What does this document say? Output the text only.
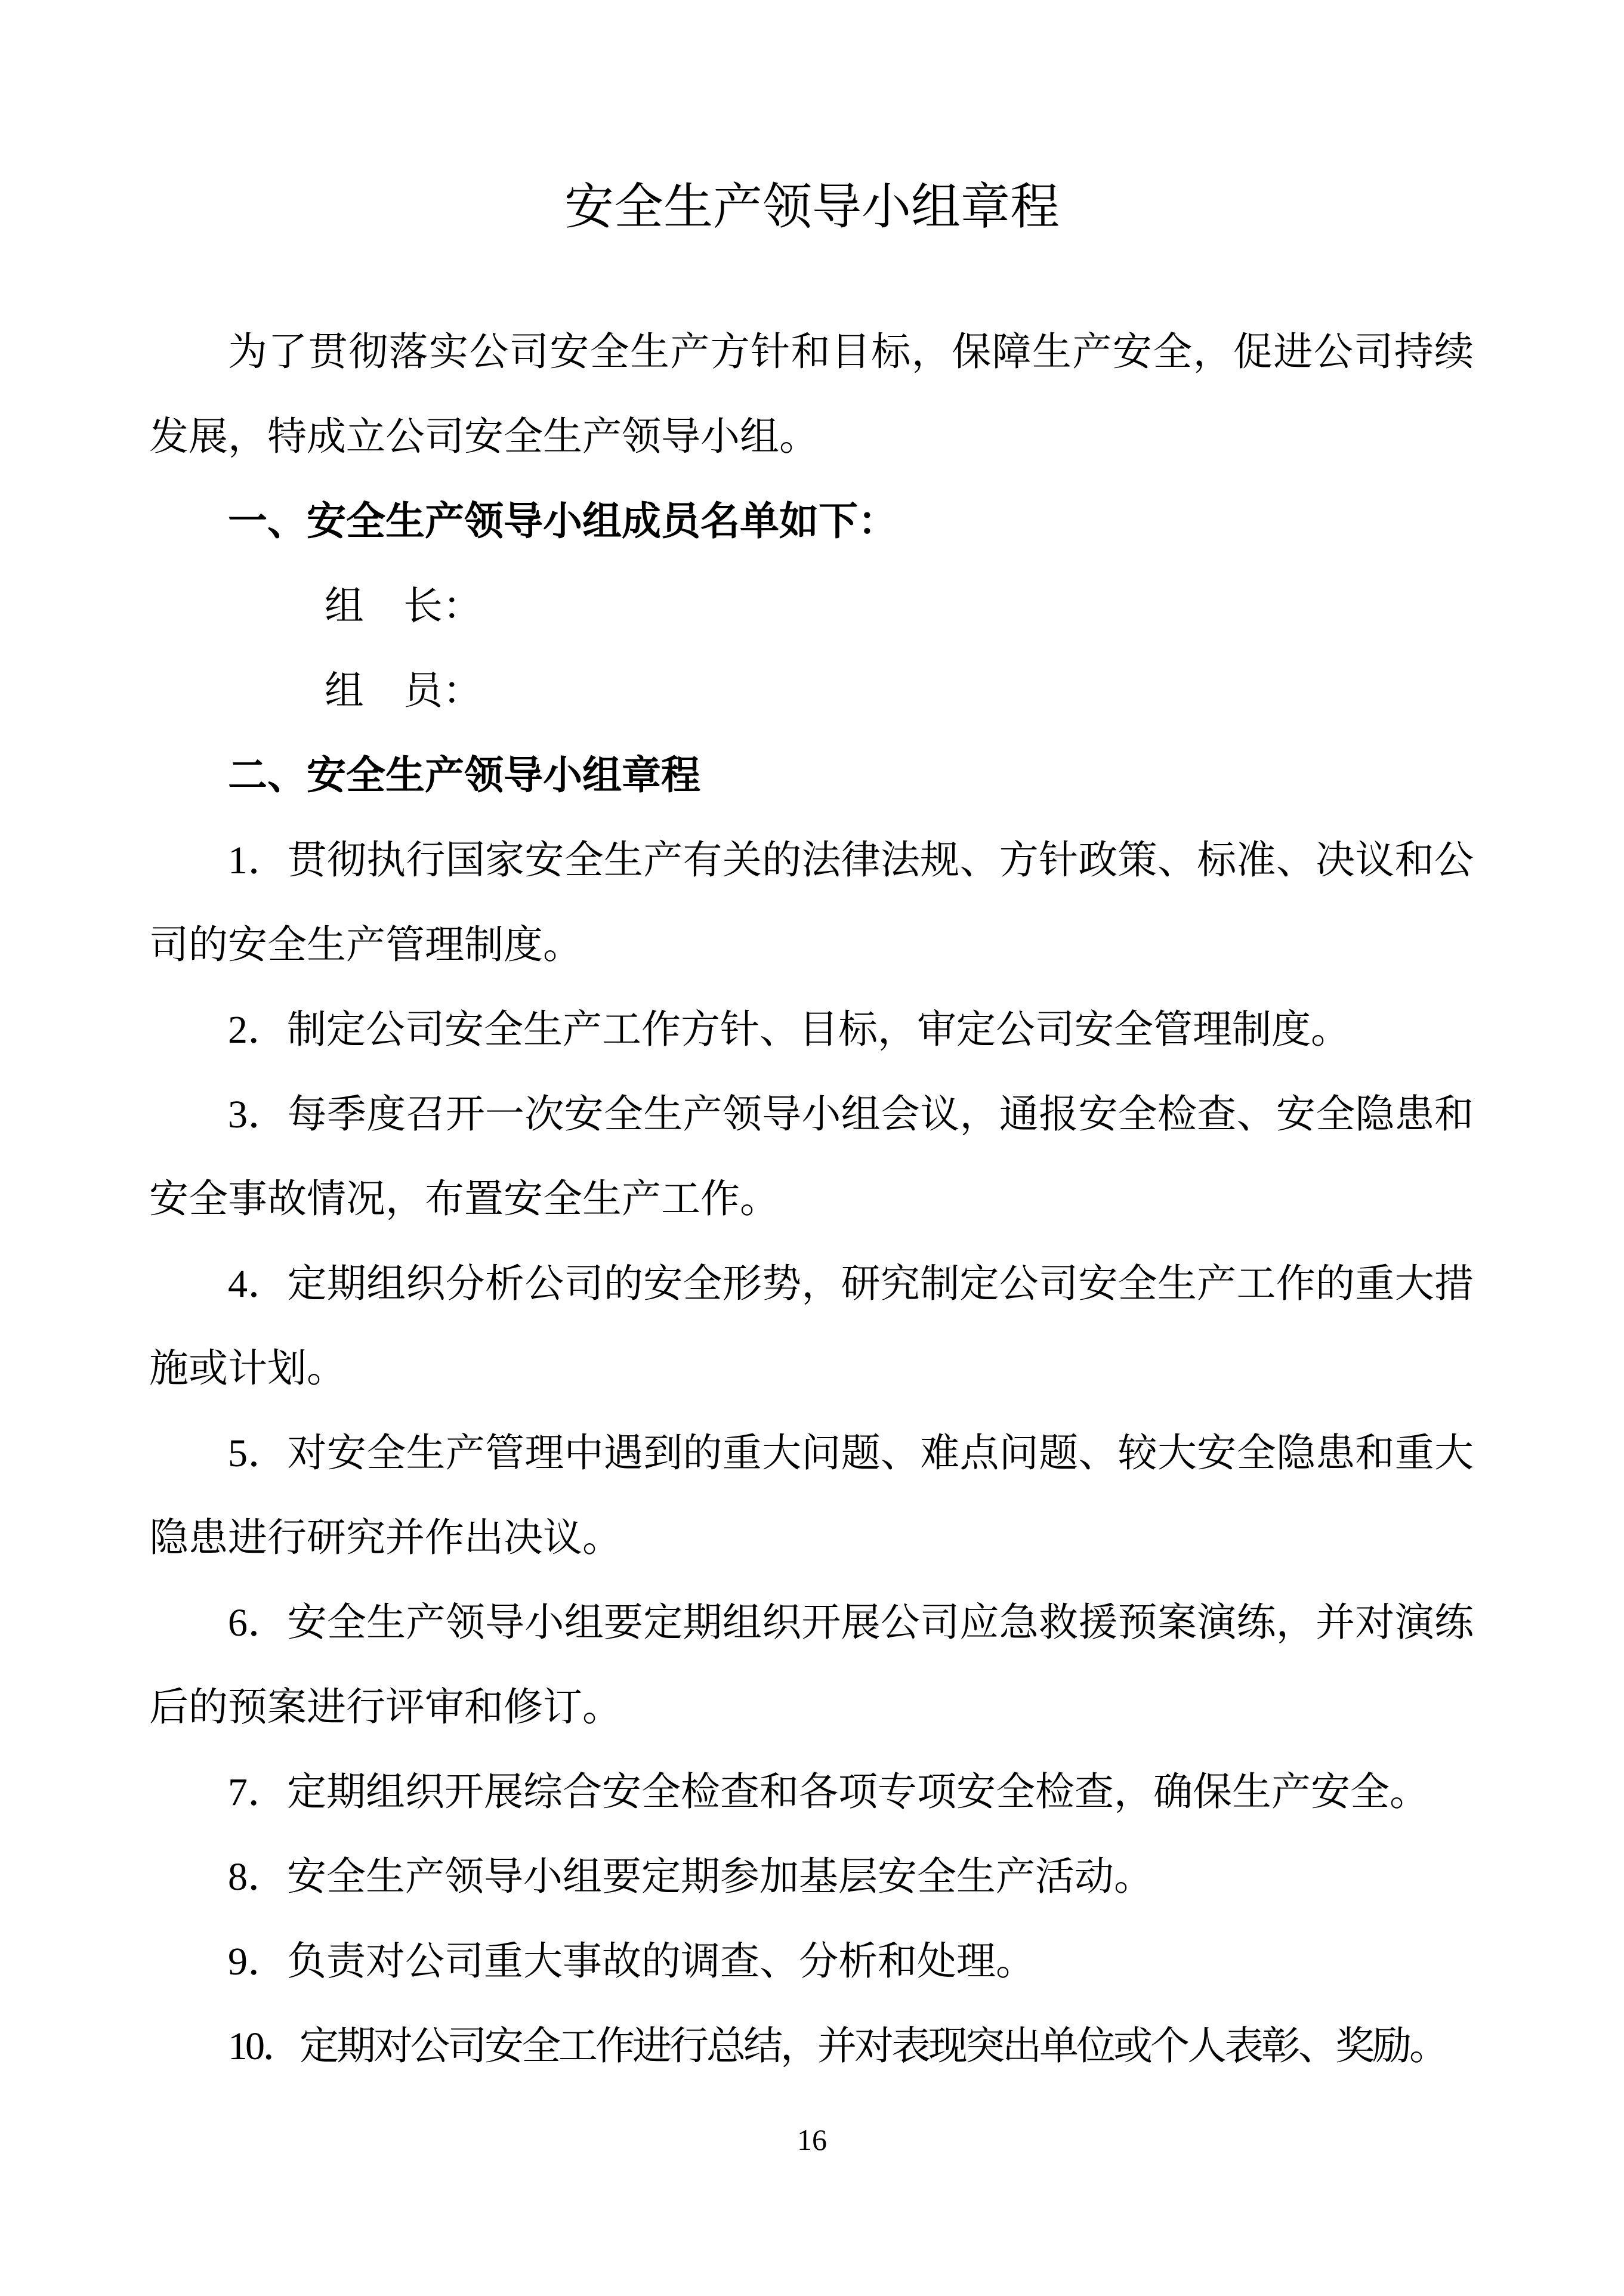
安全生产领导小组章程

为了贯彻落实公司安全生产方针和目标，保障生产安全，促进公司持续发展，特成立公司安全生产领导小组。

一、安全生产领导小组成员名单如下：

组　长：

组　员：

二、安全生产领导小组章程

1．贯彻执行国家安全生产有关的法律法规、方针政策、标准、决议和公司的安全生产管理制度。

2．制定公司安全生产工作方针、目标，审定公司安全管理制度。

3．每季度召开一次安全生产领导小组会议，通报安全检查、安全隐患和安全事故情况，布置安全生产工作。

4．定期组织分析公司的安全形势，研究制定公司安全生产工作的重大措施或计划。

5．对安全生产管理中遇到的重大问题、难点问题、较大安全隐患和重大隐患进行研究并作出决议。

6．安全生产领导小组要定期组织开展公司应急救援预案演练，并对演练后的预案进行评审和修订。

7．定期组织开展综合安全检查和各项专项安全检查，确保生产安全。

8．安全生产领导小组要定期参加基层安全生产活动。

9．负责对公司重大事故的调查、分析和处理。

10．定期对公司安全工作进行总结，并对表现突出单位或个人表彰、奖励。

16
